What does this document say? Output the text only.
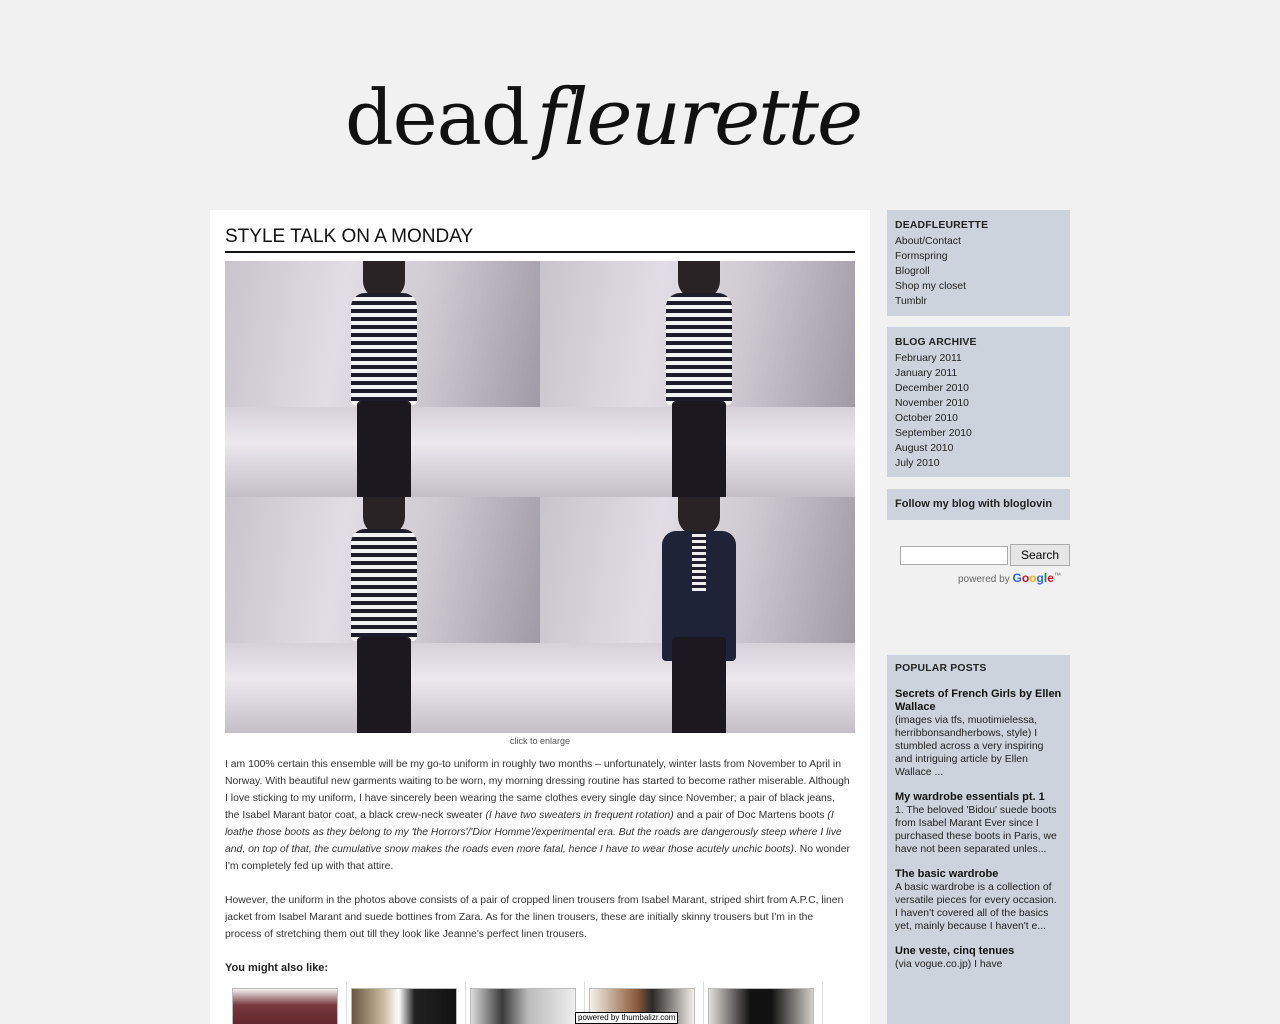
dead fleurette
STYLE TALK ON A MONDAY
click to enlarge

I am 100% certain this ensemble will be my go-to uniform in roughly two months – unfortunately, winter lasts from November to April in Norway. With beautiful new garments waiting to be worn, my morning dressing routine has started to become rather miserable. Although I love sticking to my uniform, I have sincerely been wearing the same clothes every single day since November; a pair of black jeans, the Isabel Marant bator coat, a black crew-neck sweater (I have two sweaters in frequent rotation) and a pair of Doc Martens boots (I loathe those boots as they belong to my 'the Horrors'/'Dior Homme'/experimental era. But the roads are dangerously steep where I live and, on top of that, the cumulative snow makes the roads even more fatal, hence I have to wear those acutely unchic boots). No wonder I'm completely fed up with that attire.

However, the uniform in the photos above consists of a pair of cropped linen trousers from Isabel Marant, striped shirt from A.P.C, linen jacket from Isabel Marant and suede bottines from Zara. As for the linen trousers, these are initially skinny trousers but I'm in the process of stretching them out till they look like Jeanne's perfect linen trousers.

You might also like:
powered by thumbalizr.com
DEADFLEURETTE
About/Contact
Formspring
Blogroll
Shop my closet
Tumblr
BLOG ARCHIVE
February 2011
January 2011
December 2010
November 2010
October 2010
September 2010
August 2010
July 2010
Follow my blog with bloglovin
Search
powered by Google™
POPULAR POSTS
Secrets of French Girls by Ellen Wallace
(images via tfs, muotimielessa, herribbonsandherbows, style) I stumbled across a very inspiring and intriguing article by Ellen Wallace ...
My wardrobe essentials pt. 1
1. The beloved 'Bidou' suede boots from Isabel Marant Ever since I purchased these boots in Paris, we have not been separated unles...
The basic wardrobe
A basic wardrobe is a collection of versatile pieces for every occasion. I haven't covered all of the basics yet, mainly because I haven't e...
Une veste, cinq tenues
(via vogue.co.jp) I have
